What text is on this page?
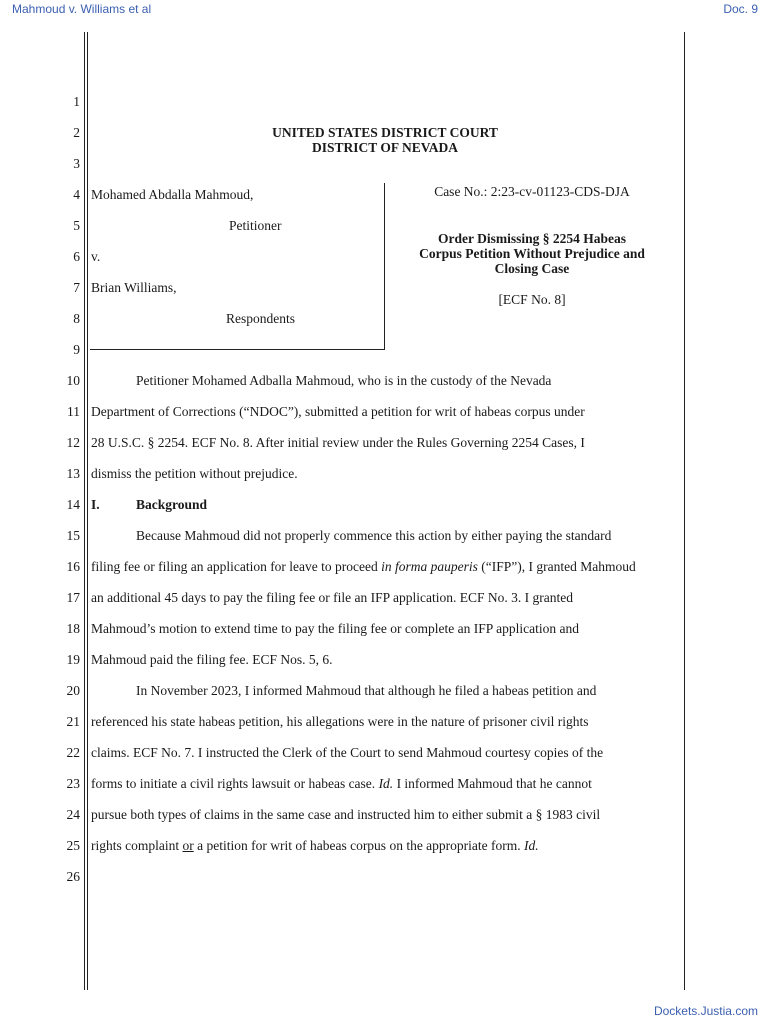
Mahmoud v. Williams et al	Doc. 9
1
2
3
4
5
6
7
8
9
10
11
12
13
14
15
16
17
18
19
20
21
22
23
24
25
26
UNITED STATES DISTRICT COURT
DISTRICT OF NEVADA
Mohamed Abdalla Mahmoud,
Petitioner
v.
Brian Williams,
Respondents
Case No.: 2:23-cv-01123-CDS-DJA
Order Dismissing § 2254 Habeas
Corpus Petition Without Prejudice and
Closing Case
[ECF No. 8]
Petitioner Mohamed Adballa Mahmoud, who is in the custody of the Nevada
Department of Corrections (“NDOC”), submitted a petition for writ of habeas corpus under
28 U.S.C. § 2254. ECF No. 8. After initial review under the Rules Governing 2254 Cases, I
dismiss the petition without prejudice.
I.	Background
Because Mahmoud did not properly commence this action by either paying the standard
filing fee or filing an application for leave to proceed in forma pauperis (“IFP”), I granted Mahmoud
an additional 45 days to pay the filing fee or file an IFP application. ECF No. 3. I granted
Mahmoud’s motion to extend time to pay the filing fee or complete an IFP application and
Mahmoud paid the filing fee. ECF Nos. 5, 6.
In November 2023, I informed Mahmoud that although he filed a habeas petition and
referenced his state habeas petition, his allegations were in the nature of prisoner civil rights
claims. ECF No. 7. I instructed the Clerk of the Court to send Mahmoud courtesy copies of the
forms to initiate a civil rights lawsuit or habeas case. Id. I informed Mahmoud that he cannot
pursue both types of claims in the same case and instructed him to either submit a § 1983 civil
rights complaint or a petition for writ of habeas corpus on the appropriate form. Id.
Dockets.Justia.com
